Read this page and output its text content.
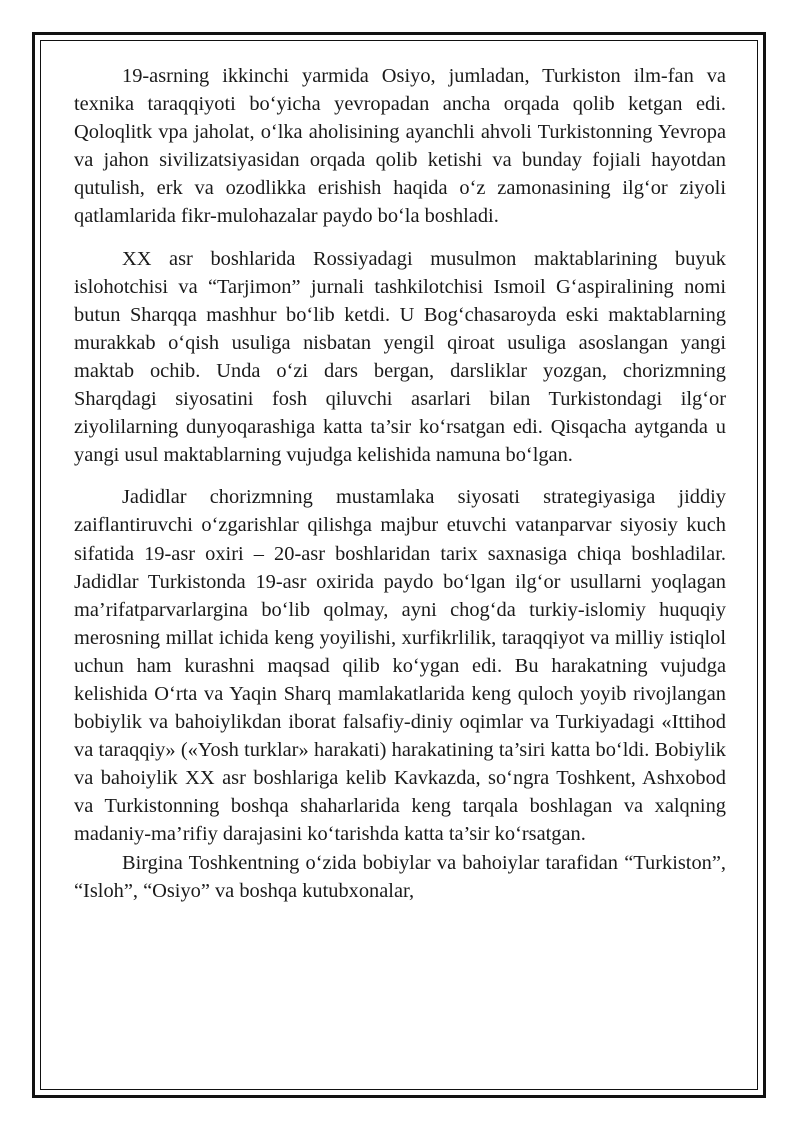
19-asrning ikkinchi yarmida Osiyo, jumladan, Turkiston ilm-fan va texnika taraqqiyoti bo‘yicha yevropadan ancha orqada qolib ketgan edi. Qoloqlitk vpa jaholat, o‘lka aholisining ayanchli ahvoli Turkistonning Yevropa va jahon sivilizatsiyasidan orqada qolib ketishi va bunday fojiali hayotdan qutulish, erk va ozodlikka erishish haqida o‘z zamonasining ilg‘or ziyoli qatlamlarida fikr-mulohazalar paydo bo‘la boshladi.

XX asr boshlarida Rossiyadagi musulmon maktablarining buyuk islohotchisi va “Tarjimon” jurnali tashkilotchisi Ismoil G‘aspiralining nomi butun Sharqqa mashhur bo‘lib ketdi. U Bog‘chasaroyda eski maktablarning murakkab o‘qish usuliga nisbatan yengil qiroat usuliga asoslangan yangi maktab ochib. Unda o‘zi dars bergan, darsliklar yozgan, chorizmning Sharqdagi siyosatini fosh qiluvchi asarlari bilan Turkistondagi ilg‘or ziyolilarning dunyoqarashiga katta ta’sir ko‘rsatgan edi. Qisqacha aytganda u yangi usul maktablarning vujudga kelishida namuna bo‘lgan.

Jadidlar chorizmning mustamlaka siyosati strategiyasiga jiddiy zaiflantiruvchi o‘zgarishlar qilishga majbur etuvchi vatanparvar siyosiy kuch sifatida 19-asr oxiri – 20-asr boshlaridan tarix saxnasiga chiqa boshladilar. Jadidlar Turkistonda 19-asr oxirida paydo bo‘lgan ilg‘or usullarni yoqlagan ma’rifatparvarlargina bo‘lib qolmay, ayni chog‘da turkiy-islomiy huquqiy merosning millat ichida keng yoyilishi, xurfikrlilik, taraqqiyot va milliy istiqlol uchun ham kurashni maqsad qilib ko‘ygan edi. Bu harakatning vujudga kelishida O‘rta va Yaqin Sharq mamlakatlarida keng quloch yoyib rivojlangan bobiylik va bahoiylikdan iborat falsafiy-diniy oqimlar va Turkiyadagi «Ittihod va taraqqiy» («Yosh turklar» harakati) harakatining ta’siri katta bo‘ldi. Bobiylik va bahoiylik XX asr boshlariga kelib Kavkazda, so‘ngra Toshkent, Ashxobod va Turkistonning boshqa shaharlarida keng tarqala boshlagan va xalqning madaniy-ma’rifiy darajasini ko‘tarishda katta ta’sir ko‘rsatgan.

Birgina Toshkentning o‘zida bobiylar va bahoiylar tarafidan “Turkiston”, “Isloh”, “Osiyo” va boshqa kutubxonalar,
